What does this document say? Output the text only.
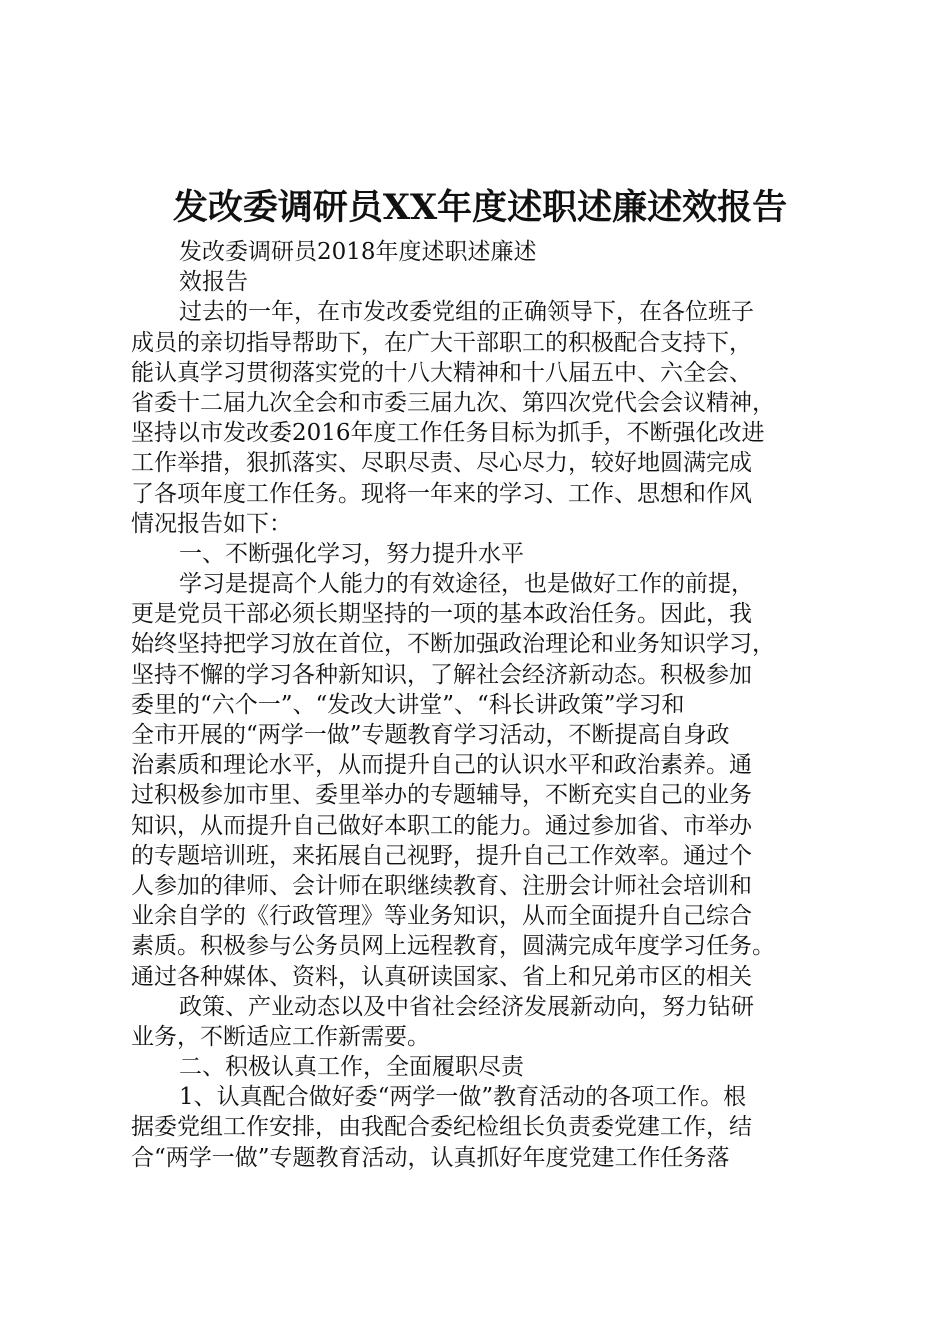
发改委调研员XX年度述职述廉述效报告
发改委调研员2018年度述职述廉述
效报告
过去的一年，在市发改委党组的正确领导下，在各位班子
成员的亲切指导帮助下，在广大干部职工的积极配合支持下，
能认真学习贯彻落实党的十八大精神和十八届五中、六全会、
省委十二届九次全会和市委三届九次、第四次党代会会议精神，
坚持以市发改委2016年度工作任务目标为抓手，不断强化改进
工作举措，狠抓落实、尽职尽责、尽心尽力，较好地圆满完成
了各项年度工作任务。现将一年来的学习、工作、思想和作风
情况报告如下：
一、不断强化学习，努力提升水平
学习是提高个人能力的有效途径，也是做好工作的前提，
更是党员干部必须长期坚持的一项的基本政治任务。因此，我
始终坚持把学习放在首位，不断加强政治理论和业务知识学习，
坚持不懈的学习各种新知识，了解社会经济新动态。积极参加
委里的“六个一”、“发改大讲堂”、“科长讲政策”学习和
全市开展的“两学一做”专题教育学习活动，不断提高自身政
治素质和理论水平，从而提升自己的认识水平和政治素养。通
过积极参加市里、委里举办的专题辅导，不断充实自己的业务
知识，从而提升自己做好本职工的能力。通过参加省、市举办
的专题培训班，来拓展自己视野，提升自己工作效率。通过个
人参加的律师、会计师在职继续教育、注册会计师社会培训和
业余自学的《行政管理》等业务知识，从而全面提升自己综合
素质。积极参与公务员网上远程教育，圆满完成年度学习任务。
通过各种媒体、资料，认真研读国家、省上和兄弟市区的相关
政策、产业动态以及中省社会经济发展新动向，努力钻研
业务，不断适应工作新需要。
二、积极认真工作，全面履职尽责
1、认真配合做好委“两学一做”教育活动的各项工作。根
据委党组工作安排，由我配合委纪检组长负责委党建工作，结
合“两学一做”专题教育活动，认真抓好年度党建工作任务落
